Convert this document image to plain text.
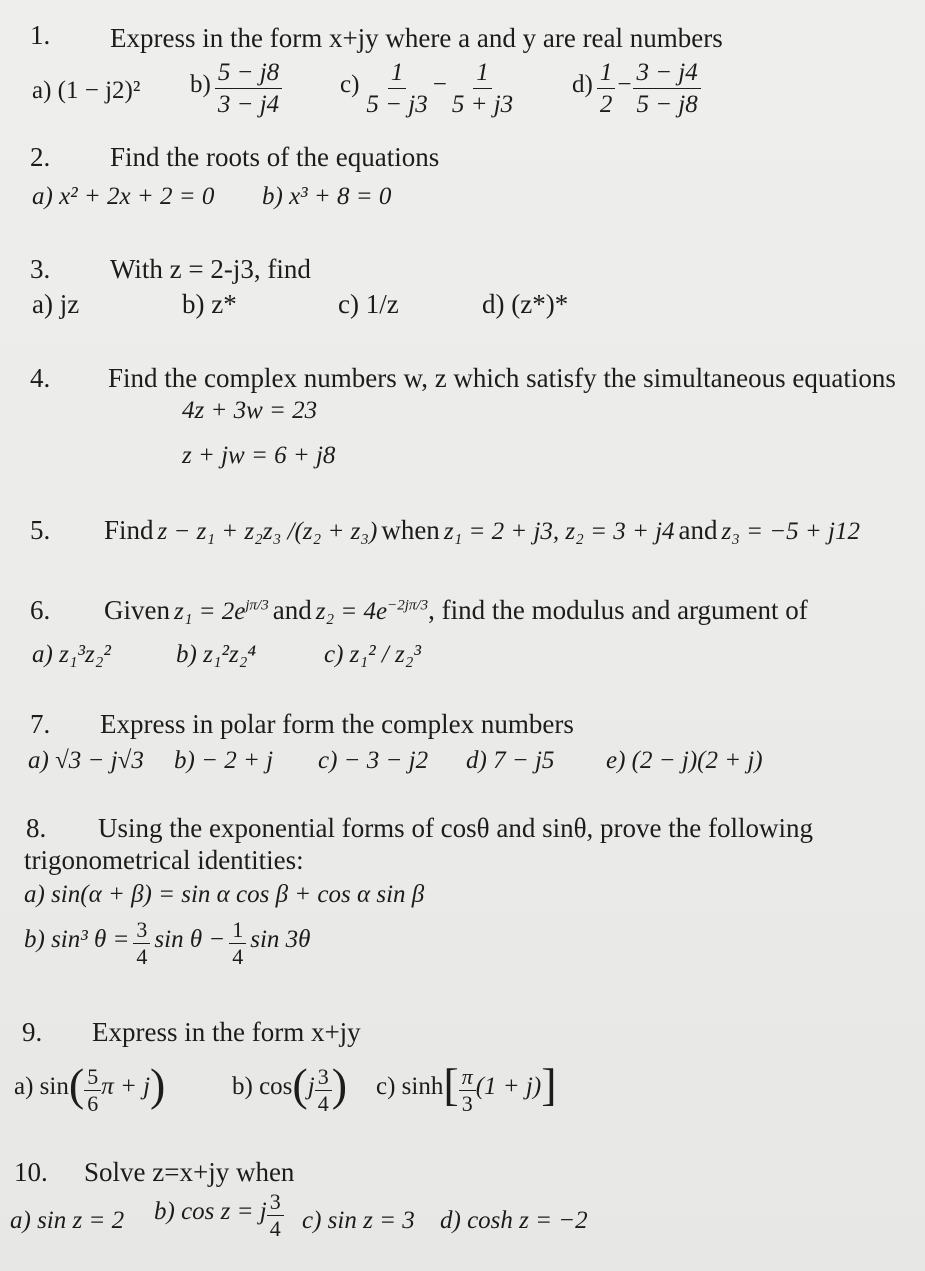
1. Express in the form x+jy where a and y are real numbers
a) (1 − j2)² $b) \frac{5 - j8}{3 - j4} c) \frac{1}{5 - j3} - \frac{1}{5 + j3} d) \frac{1}{2} - \frac{3 - j4}{5 - j8}$
2. Find the roots of the equations
a) x² + 2x + 2 = 0 b) x³ + 8 = 0
3. With z = 2-j3, find
a) jz	b) z*	c) 1/z	d) (z*)*
4. Find the complex numbers w, z which satisfy the simultaneous equations
4z + 3w = 23
z + jw = 6 + j8
5. Find z − z₁ + z₂z₃ /(z₂ + z₃) when z₁ = 2 + j3, z₂ = 3 + j4 and z₃ = −5 + j12
6. Given $z_1 = 2e^{j\pi/3}$ and $z_2 = 4e^{-2j\pi/3}$, find the modulus and argument of
a) z₁³z₂²	b) z₁²z₂⁴	c) z₁² / z₂³
7. Express in polar form the complex numbers
a) √3 − j√3 b) − 2 + j c) − 3 − j2 d) 7 − j5 e) (2 − j)(2 + j)
8. Using the exponential forms of cosθ and sinθ, prove the following
trigonometrical identities:
a) sin(α + β) = sin α cos β + cos α sin β
b) sin³ $\theta = \frac{3}{4}$ $\sin \theta - \frac{1}{4}$ sin 3θ
9. Express in the form x+jy
a) $\sin( \frac{5}{6}$ π + j)	b) $\cos(j \frac{3}{4}$ ) c) $\sinh[ \frac{\pi}{3} (1 + j)]$
10. Solve z=x+jy when
a) sin z = 2 b) cos z = j $\frac{3}{4} c$) sin z = 3 d) cosh z = −2
